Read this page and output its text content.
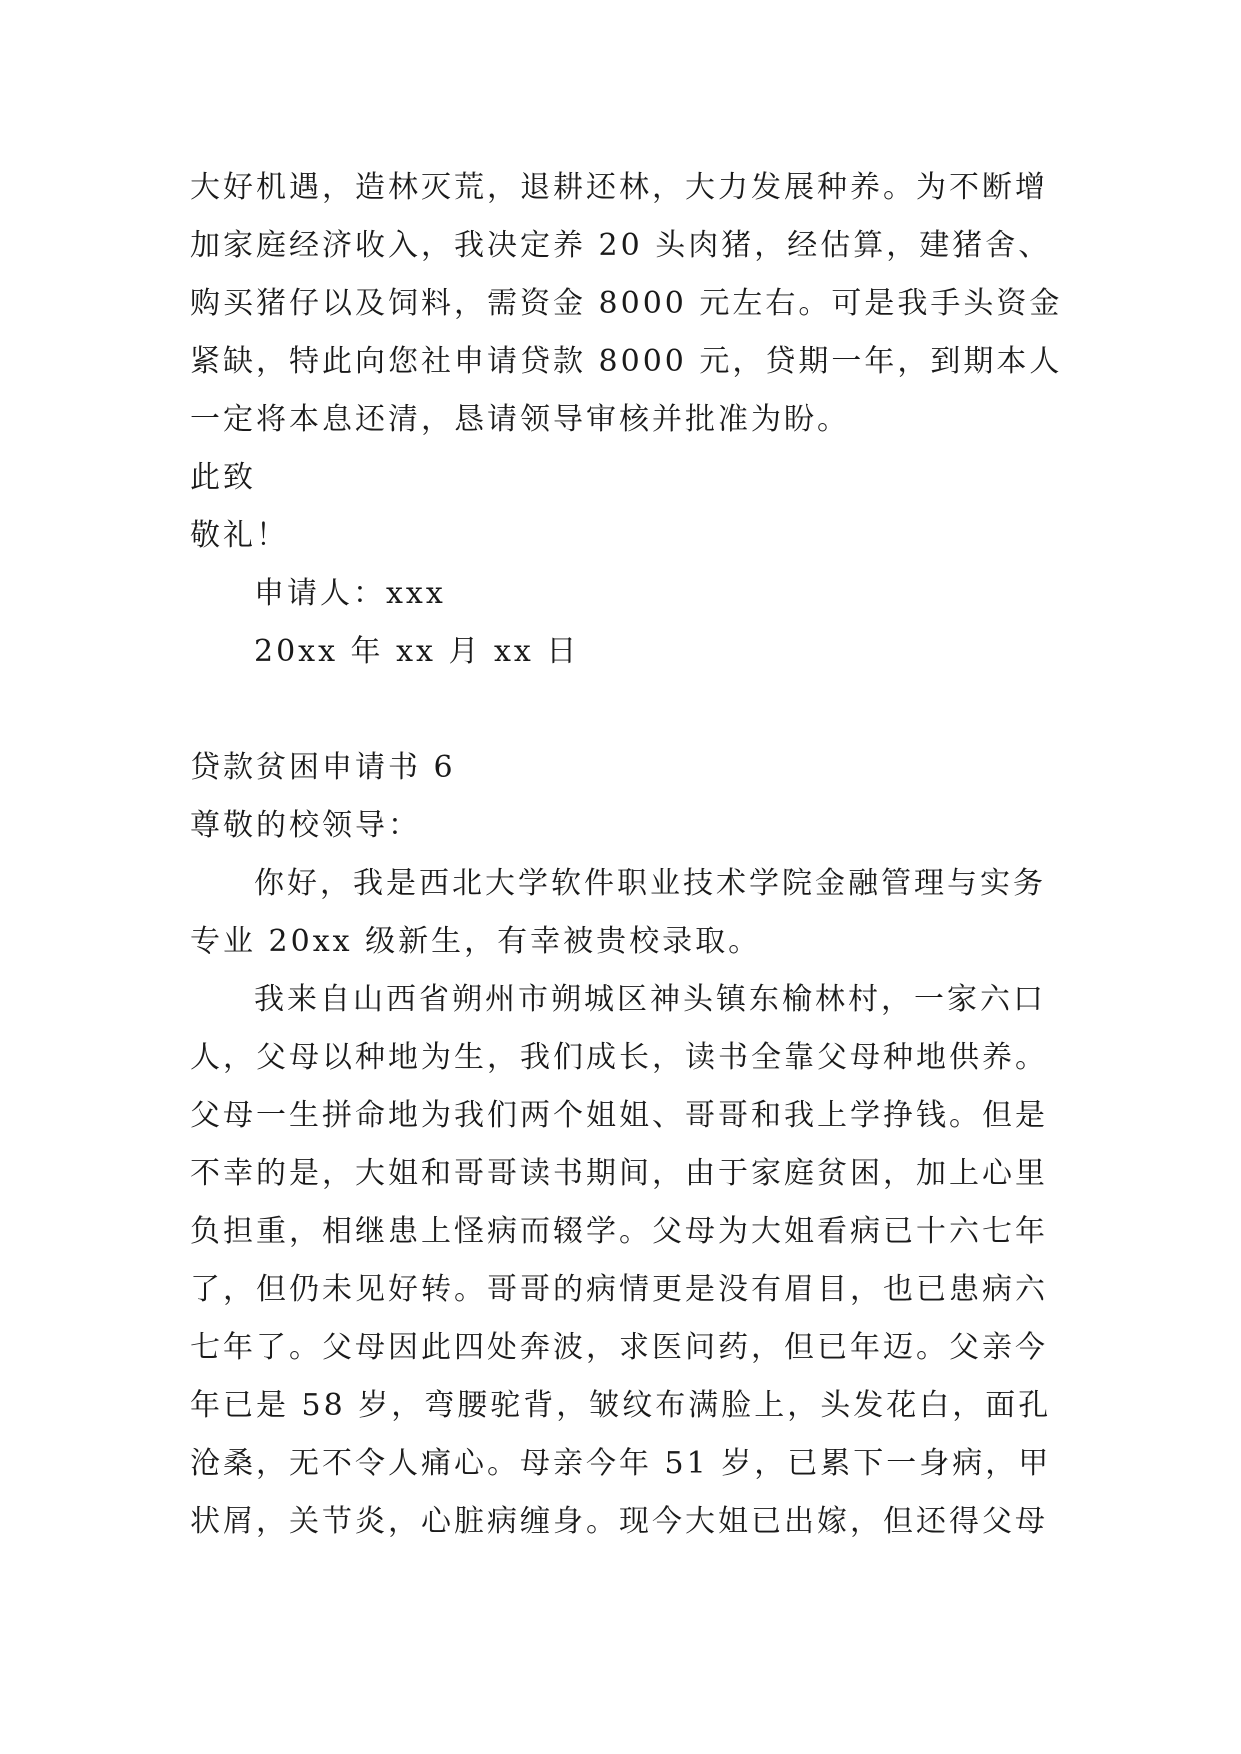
大好机遇，造林灭荒，退耕还林，大力发展种养。为不断增
加家庭经济收入，我决定养 20 头肉猪，经估算，建猪舍、
购买猪仔以及饲料，需资金 8000 元左右。可是我手头资金
紧缺，特此向您社申请贷款 8000 元，贷期一年，到期本人
一定将本息还清，恳请领导审核并批准为盼。
此致
敬礼！
申请人：xxx
20xx 年 xx 月 xx 日
贷款贫困申请书 6
尊敬的校领导：
你好，我是西北大学软件职业技术学院金融管理与实务
专业 20xx 级新生，有幸被贵校录取。
我来自山西省朔州市朔城区神头镇东榆林村，一家六口
人，父母以种地为生，我们成长，读书全靠父母种地供养。
父母一生拼命地为我们两个姐姐、哥哥和我上学挣钱。但是
不幸的是，大姐和哥哥读书期间，由于家庭贫困，加上心里
负担重，相继患上怪病而辍学。父母为大姐看病已十六七年
了，但仍未见好转。哥哥的病情更是没有眉目，也已患病六
七年了。父母因此四处奔波，求医问药，但已年迈。父亲今
年已是 58 岁，弯腰驼背，皱纹布满脸上，头发花白，面孔
沧桑，无不令人痛心。母亲今年 51 岁，已累下一身病，甲
状屑，关节炎，心脏病缠身。现今大姐已出嫁，但还得父母
